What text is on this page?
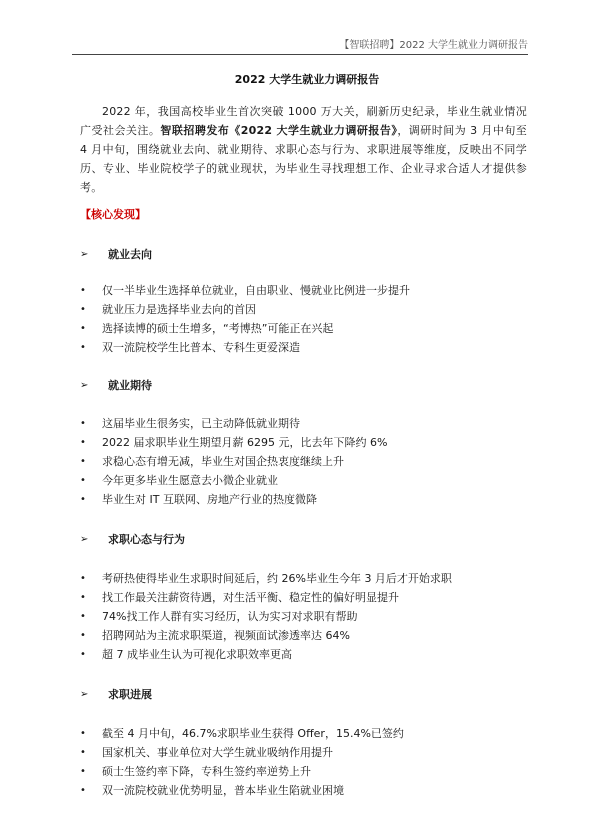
【智联招聘】2022 大学生就业力调研报告
2022 大学生就业力调研报告

2022 年，我国高校毕业生首次突破 1000 万大关，刷新历史纪录，毕业生就业情况广受社会关注。智联招聘发布《2022 大学生就业力调研报告》，调研时间为 3 月中旬至 4 月中旬，围绕就业去向、就业期待、求职心态与行为、求职进展等维度，反映出不同学历、专业、毕业院校学子的就业现状，为毕业生寻找理想工作、企业寻求合适人才提供参考。

【核心发现】
➢	就业去向
•	仅一半毕业生选择单位就业，自由职业、慢就业比例进一步提升
•	就业压力是选择毕业去向的首因
•	选择读博的硕士生增多，“考博热”可能正在兴起
•	双一流院校学生比普本、专科生更爱深造
➢	就业期待
•	这届毕业生很务实，已主动降低就业期待
•	2022 届求职毕业生期望月薪 6295 元，比去年下降约 6%
•	求稳心态有增无减，毕业生对国企热衷度继续上升
•	今年更多毕业生愿意去小微企业就业
•	毕业生对 IT 互联网、房地产行业的热度微降
➢	求职心态与行为
•	考研热使得毕业生求职时间延后，约 26%毕业生今年 3 月后才开始求职
•	找工作最关注薪资待遇，对生活平衡、稳定性的偏好明显提升
•	74%找工作人群有实习经历，认为实习对求职有帮助
•	招聘网站为主流求职渠道，视频面试渗透率达 64%
•	超 7 成毕业生认为可视化求职效率更高
➢	求职进展
•	截至 4 月中旬，46.7%求职毕业生获得 Offer，15.4%已签约
•	国家机关、事业单位对大学生就业吸纳作用提升
•	硕士生签约率下降，专科生签约率逆势上升
•	双一流院校就业优势明显，普本毕业生陷就业困境
